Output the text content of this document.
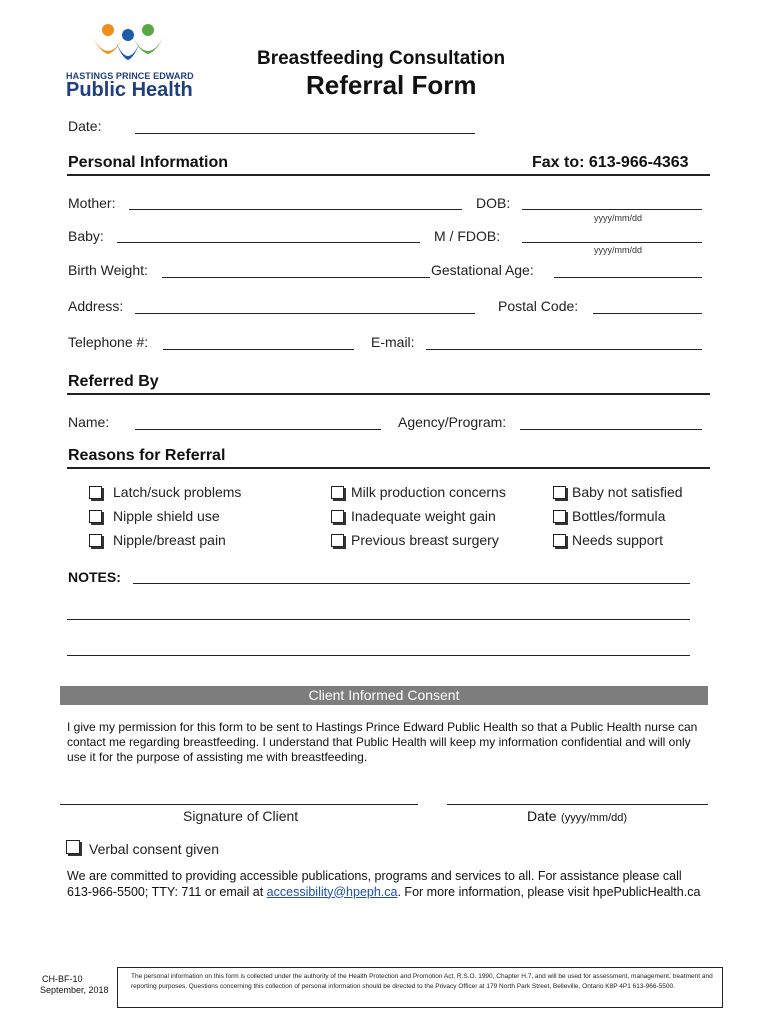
HASTINGS PRINCE EDWARD
Public Health
Breastfeeding Consultation
Referral Form
Date:
Personal Information	Fax to: 613-966-4363
Mother:	DOB:
yyyy/mm/dd
Baby:	M / FDOB:
yyyy/mm/dd
Birth Weight:	Gestational Age:
Address:	Postal Code:
Telephone #:	E-mail:
Referred By
Name:	Agency/Program:
Reasons for Referral
Latch/suck problems
Nipple shield use
Nipple/breast pain
Milk production concerns
Inadequate weight gain
Previous breast surgery
Baby not satisfied
Bottles/formula
Needs support
NOTES:
Client Informed Consent
I give my permission for this form to be sent to Hastings Prince Edward Public Health so that a Public Health nurse can contact me regarding breastfeeding. I understand that Public Health will keep my information confidential and will only use it for the purpose of assisting me with breastfeeding.
Signature of Client	Date (yyyy/mm/dd)
Verbal consent given
We are committed to providing accessible publications, programs and services to all. For assistance please call 613-966-5500; TTY: 711 or email at accessibility@hpeph.ca. For more information, please visit hpePublicHealth.ca
CH-BF-10
September, 2018
The personal information on this form is collected under the authority of the Health Protection and Promotion Act, R.S.O. 1990, Chapter H.7, and will be used for assessment, management, treatment and reporting purposes. Questions concerning this collection of personal information should be directed to the Privacy Officer at 179 North Park Street, Belleville, Ontario K8P 4P1 613-966-5500.
